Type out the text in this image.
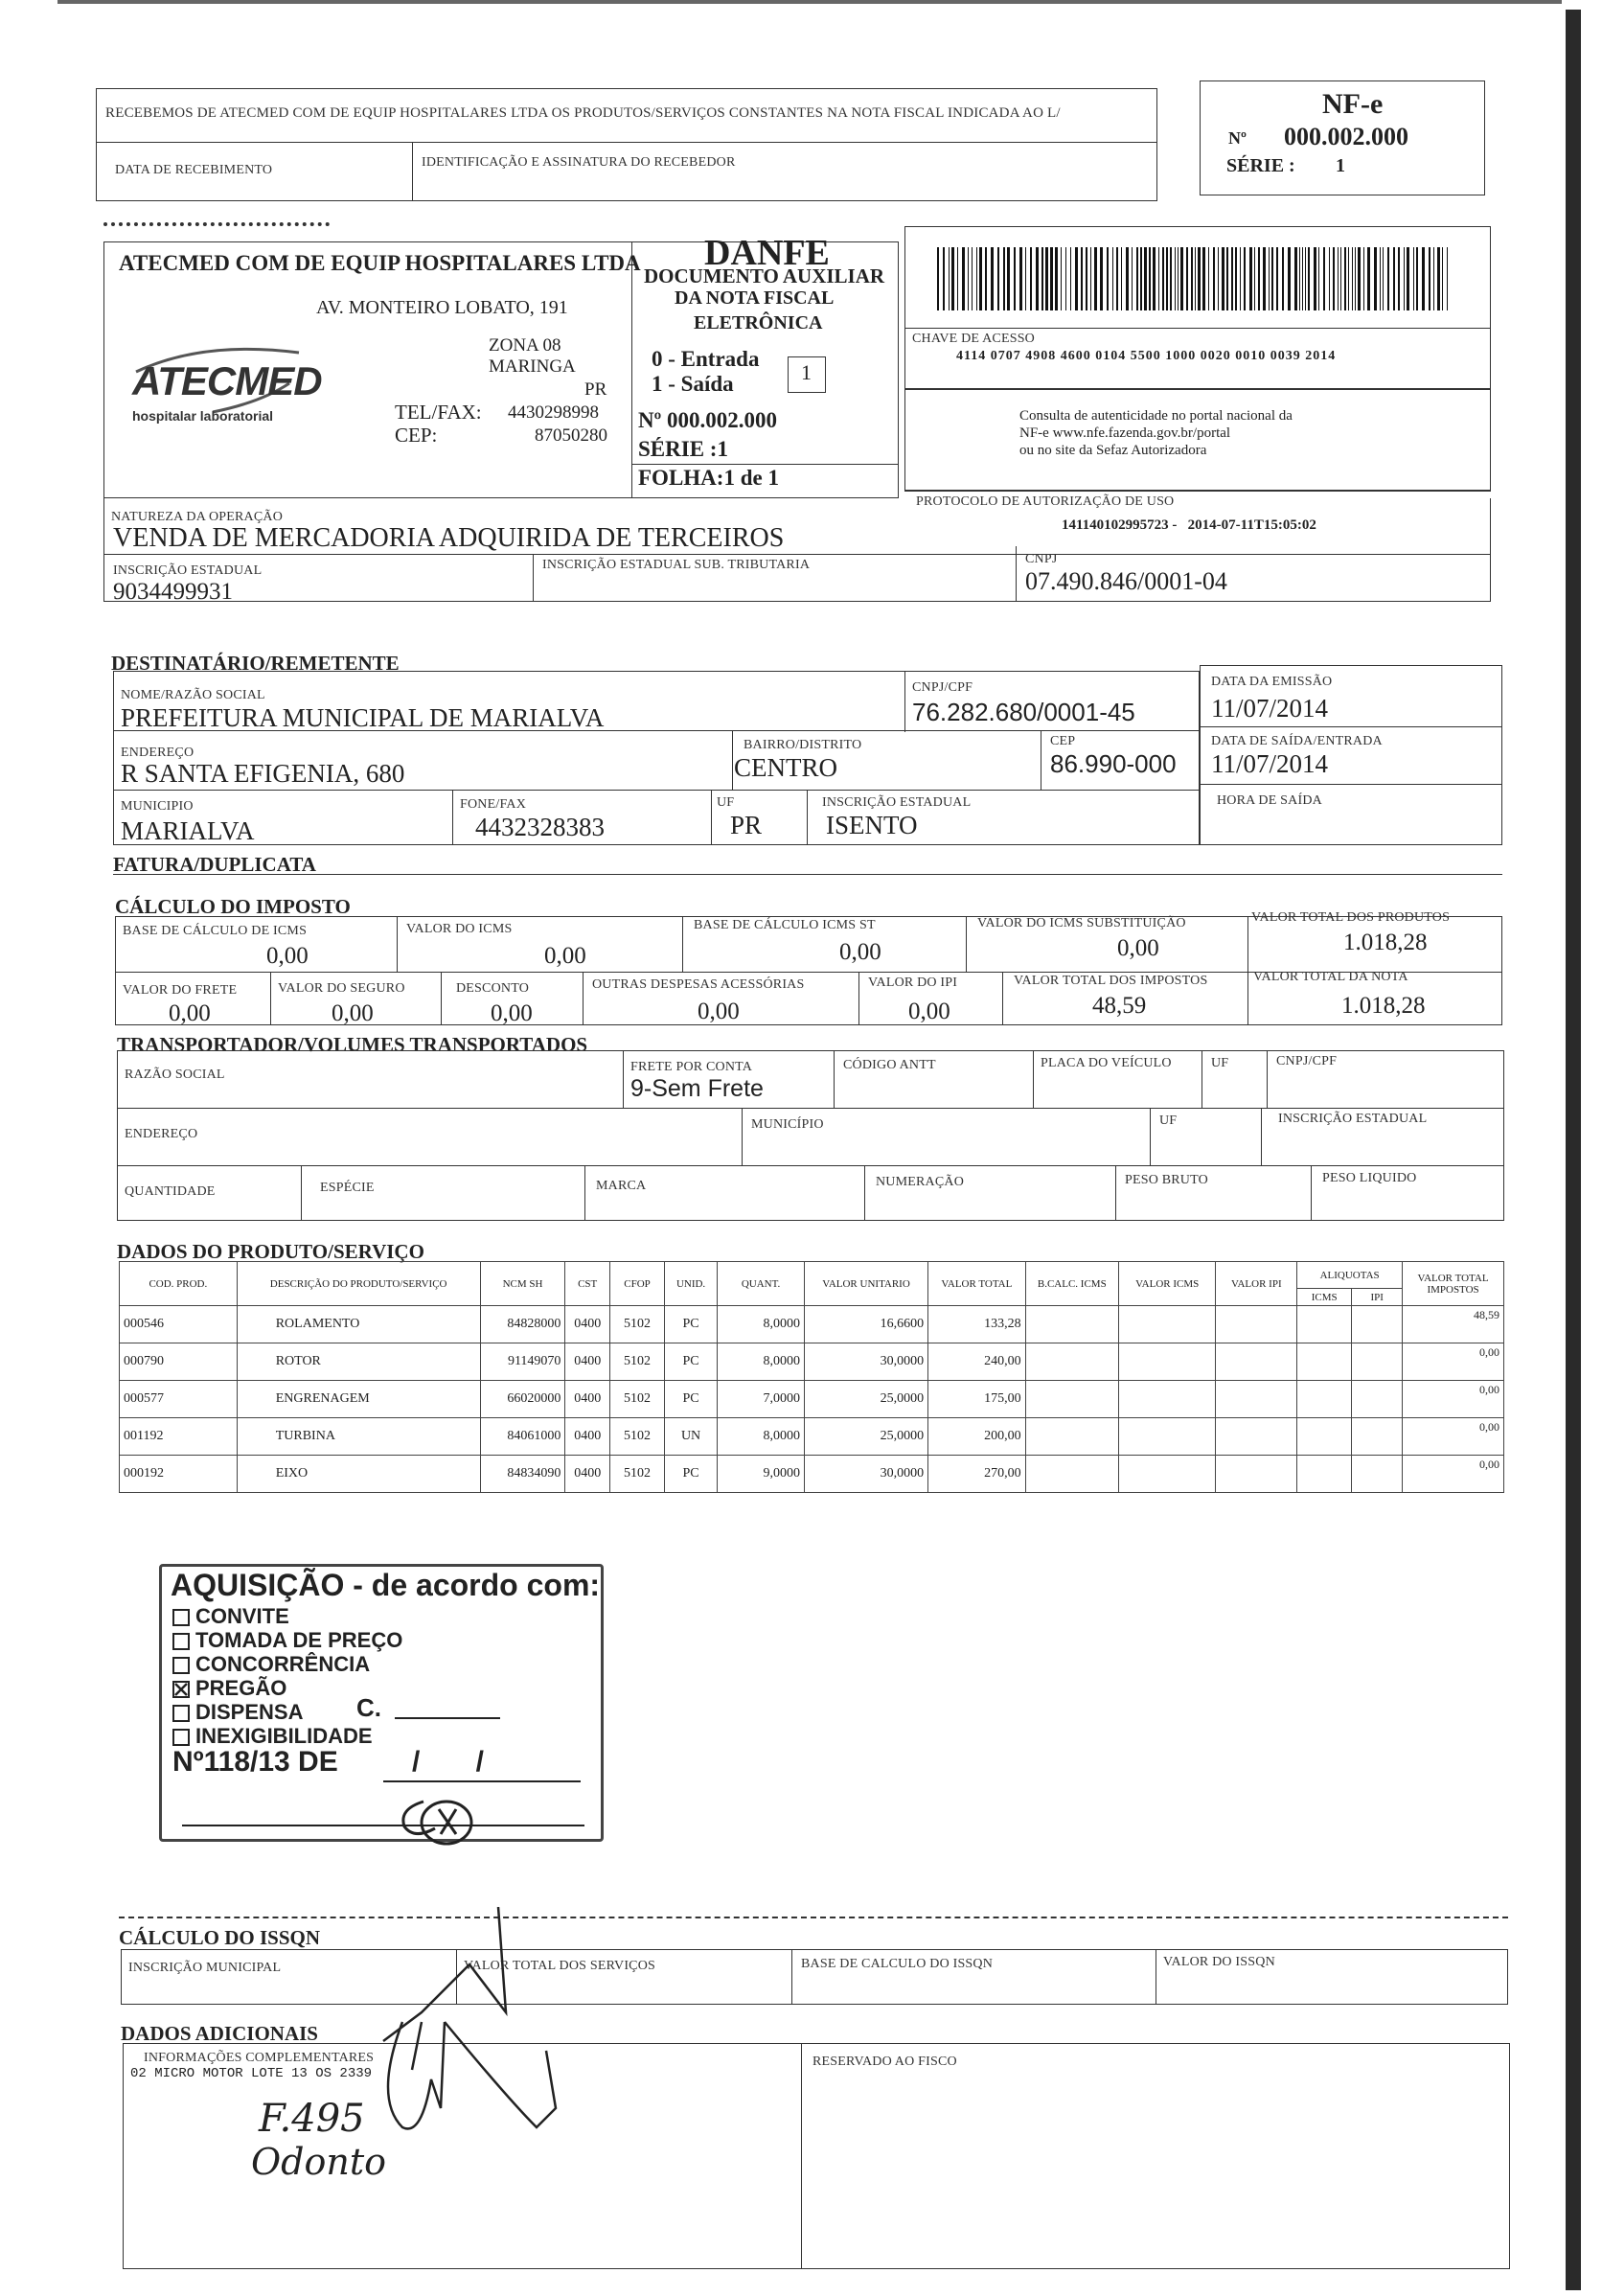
RECEBEMOS DE ATECMED COM DE EQUIP HOSPITALARES LTDA OS PRODUTOS/SERVIÇOS CONSTANTES NA NOTA FISCAL INDICADA AO L/
DATA DE RECEBIMENTO
IDENTIFICAÇÃO E ASSINATURA DO RECEBEDOR
NF-e
Nº 000.002.000
SÉRIE : 1
ATECMED COM DE EQUIP HOSPITALARES LTDA
AV. MONTEIRO LOBATO, 191
ZONA 08
MARINGA
PR
TEL/FAX: 4430298998
CEP:	87050280
ATECMED
hospitalar laboratorial
DANFE
DOCUMENTO AUXILIAR
DA NOTA FISCAL
ELETRÔNICA
0 - Entrada
1 - Saída	1
Nº 000.002.000
SÉRIE :1
FOLHA:1 de 1
CHAVE DE ACESSO
4114 0707 4908 4600 0104 5500 1000 0020 0010 0039 2014
Consulta de autenticidade no portal nacional da
NF-e www.nfe.fazenda.gov.br/portal
ou no site da Sefaz Autorizadora
NATUREZA DA OPERAÇÃO
VENDA DE MERCADORIA ADQUIRIDA DE TERCEIROS
PROTOCOLO DE AUTORIZAÇÃO DE USO
141140102995723 -   2014-07-11T15:05:02
INSCRIÇÃO ESTADUAL
9034499931
INSCRIÇÃO ESTADUAL SUB. TRIBUTARIA	CNPJ
07.490.846/0001-04
DESTINATÁRIO/REMETENTE
NOME/RAZÃO SOCIAL
PREFEITURA MUNICIPAL DE MARIALVA
CNPJ/CPF
76.282.680/0001-45
ENDEREÇO
R SANTA EFIGENIA, 680
BAIRRO/DISTRITO
CENTRO
CEP
86.990-000
MUNICIPIO
MARIALVA
FONE/FAX
4432328383
UF
PR
INSCRIÇÃO ESTADUAL
ISENTO
DATA DA EMISSÃO
11/07/2014
DATA DE SAÍDA/ENTRADA
11/07/2014
HORA DE SAÍDA
FATURA/DUPLICATA
CÁLCULO DO IMPOSTO
BASE DE CÁLCULO DE ICMS
0,00
VALOR DO ICMS
0,00
BASE DE CÁLCULO ICMS ST
0,00
VALOR DO ICMS SUBSTITUIÇÃO
0,00
VALOR TOTAL DOS PRODUTOS
1.018,28
VALOR DO FRETE
0,00
VALOR DO SEGURO
0,00
DESCONTO
0,00
OUTRAS DESPESAS ACESSÓRIAS
0,00
VALOR DO IPI
0,00
VALOR TOTAL DOS IMPOSTOS
48,59
VALOR TOTAL DA NOTA
1.018,28
TRANSPORTADOR/VOLUMES TRANSPORTADOS
RAZÃO SOCIAL
FRETE POR CONTA
9-Sem Frete
CÓDIGO ANTT	PLACA DO VEÍCULO	UF	CNPJ/CPF
ENDEREÇO
MUNICÍPIO	UF	INSCRIÇÃO ESTADUAL
QUANTIDADE	ESPÉCIE	MARCA	NUMERAÇÃO	PESO BRUTO	PESO LIQUIDO
DADOS DO PRODUTO/SERVIÇO
COD. PROD.	DESCRIÇÃO DO PRODUTO/SERVIÇO	NCM SH	CST	CFOP	UNID.	QUANT.	VALOR UNITARIO	VALOR TOTAL	B.CALC. ICMS	VALOR ICMS	VALOR IPI	ALIQUOTAS		VALOR TOTAL IMPOSTOS
												ICMS	IPI	
000546	ROLAMENTO	84828000	0400	5102	PC	8,0000	16,6600	133,28						48,59
000790	ROTOR	91149070	0400	5102	PC	8,0000	30,0000	240,00						0,00
000577	ENGRENAGEM	66020000	0400	5102	PC	7,0000	25,0000	175,00						0,00
001192	TURBINA	84061000	0400	5102	UN	8,0000	25,0000	200,00						0,00
000192	EIXO	84834090	0400	5102	PC	9,0000	30,0000	270,00						0,00
AQUISIÇÃO - de acordo com:
CONVITE
TOMADA DE PREÇO
CONCORRÊNCIA
PREGÃO
DISPENSA
INEXIGIBILIDADE
C.
Nº118/13 DE	/       /
CÁLCULO DO ISSQN
INSCRIÇÃO MUNICIPAL	VALOR TOTAL DOS SERVIÇOS	BASE DE CALCULO DO ISSQN	VALOR DO ISSQN
DADOS ADICIONAIS
INFORMAÇÕES COMPLEMENTARES
02 MICRO MOTOR LOTE 13 OS 2339
RESERVADO AO FISCO
F.495
Odonto
